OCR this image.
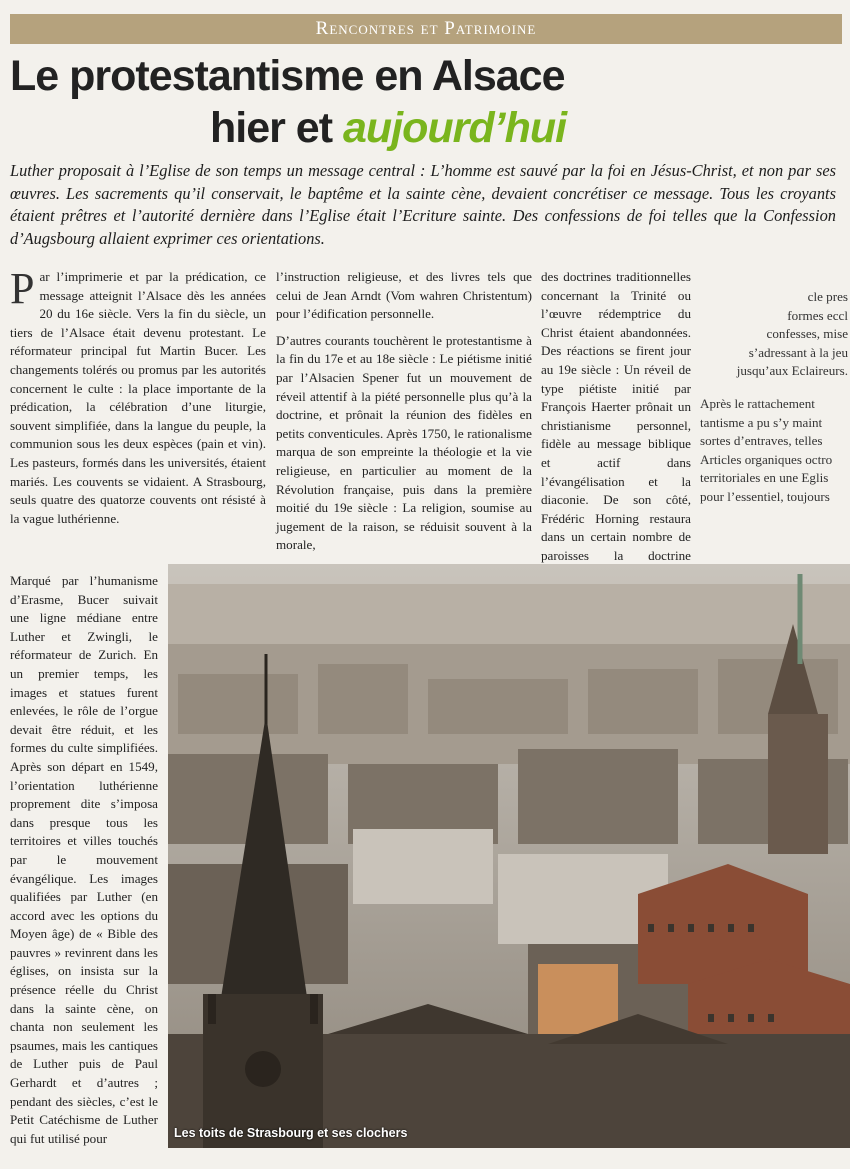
Rencontres et Patrimoine
Le protestantisme en Alsace
hier et aujourd’hui
Luther proposait à l’Eglise de son temps un message central : L’homme est sauvé par la foi en Jésus-Christ, et non par ses œuvres. Les sacrements qu’il conservait, le baptême et la sainte cène, devaient concrétiser ce message. Tous les croyants étaient prêtres et l’autorité dernière dans l’Eglise était l’Ecriture sainte. Des confessions de foi telles que la Confession d’Augsbourg allaient exprimer ces orientations.

Par l’imprimerie et par la prédication, ce message atteignit l’Alsace dès les années 20 du 16e siècle. Vers la fin du siècle, un tiers de l’Alsace était devenu protestant. Le réformateur principal fut Martin Bucer. Les changements tolérés ou promus par les autorités concernent le culte : la place importante de la prédication, la célébration d’une liturgie, souvent simplifiée, dans la langue du peuple, la communion sous les deux espèces (pain et vin). Les pasteurs, formés dans les universités, étaient mariés. Les couvents se vidaient. A Strasbourg, seuls quatre des quatorze couvents ont résisté à la vague luthérienne.

Marqué par l’humanisme d’Erasme, Bucer suivait une ligne médiane entre Luther et Zwingli, le réformateur de Zurich. En un premier temps, les images et statues furent enlevées, le rôle de l’orgue devait être réduit, et les formes du culte simplifiées. Après son départ en 1549, l’orientation luthérienne proprement dite s’imposa dans presque tous les territoires et villes touchés par le mouvement évangélique. Les images qualifiées par Luther (en accord avec les options du Moyen âge) de « Bible des pauvres » revinrent dans les églises, on insista sur la présence réelle du Christ dans la sainte cène, on chanta non seulement les psaumes, mais les cantiques de Luther puis de Paul Gerhardt et d’autres ; pendant des siècles, c’est le Petit Catéchisme de Luther qui fut utilisé pour

l’instruction religieuse, et des livres tels que celui de Jean Arndt (Vom wahren Christentum) pour l’édification personnelle.

D’autres courants touchèrent le protestantisme à la fin du 17e et au 18e siècle : Le piétisme initié par l’Alsacien Spener fut un mouvement de réveil attentif à la piété personnelle plus qu’à la doctrine, et prônait la réunion des fidèles en petits conventicules. Après 1750, le rationalisme marqua de son empreinte la théologie et la vie religieuse, en particulier au moment de la Révolution française, puis dans la première moitié du 19e siècle : La religion, soumise au jugement de la raison, se réduisit souvent à la morale,

des doctrines traditionnelles concernant la Trinité ou l’œuvre rédemptrice du Christ étaient abandonnées. Des réactions se firent jour au 19e siècle : Un réveil de type piétiste initié par François Haerter prônait un christianisme personnel, fidèle au message biblique et actif dans l’évangélisation et la diaconie. De son côté, Frédéric Horning restaura dans un certain nombre de paroisses la doctrine
cle pres
formes eccl
confesses, mise
s’adressant à la jeu
jusqu’aux Eclaireurs.

Après le rattachement tantisme a pu s’y maint sortes d’entraves, telles Articles organiques octro territoriales en une Eglis pour l’essentiel, toujours

Les toits de Strasbourg et ses clochers
